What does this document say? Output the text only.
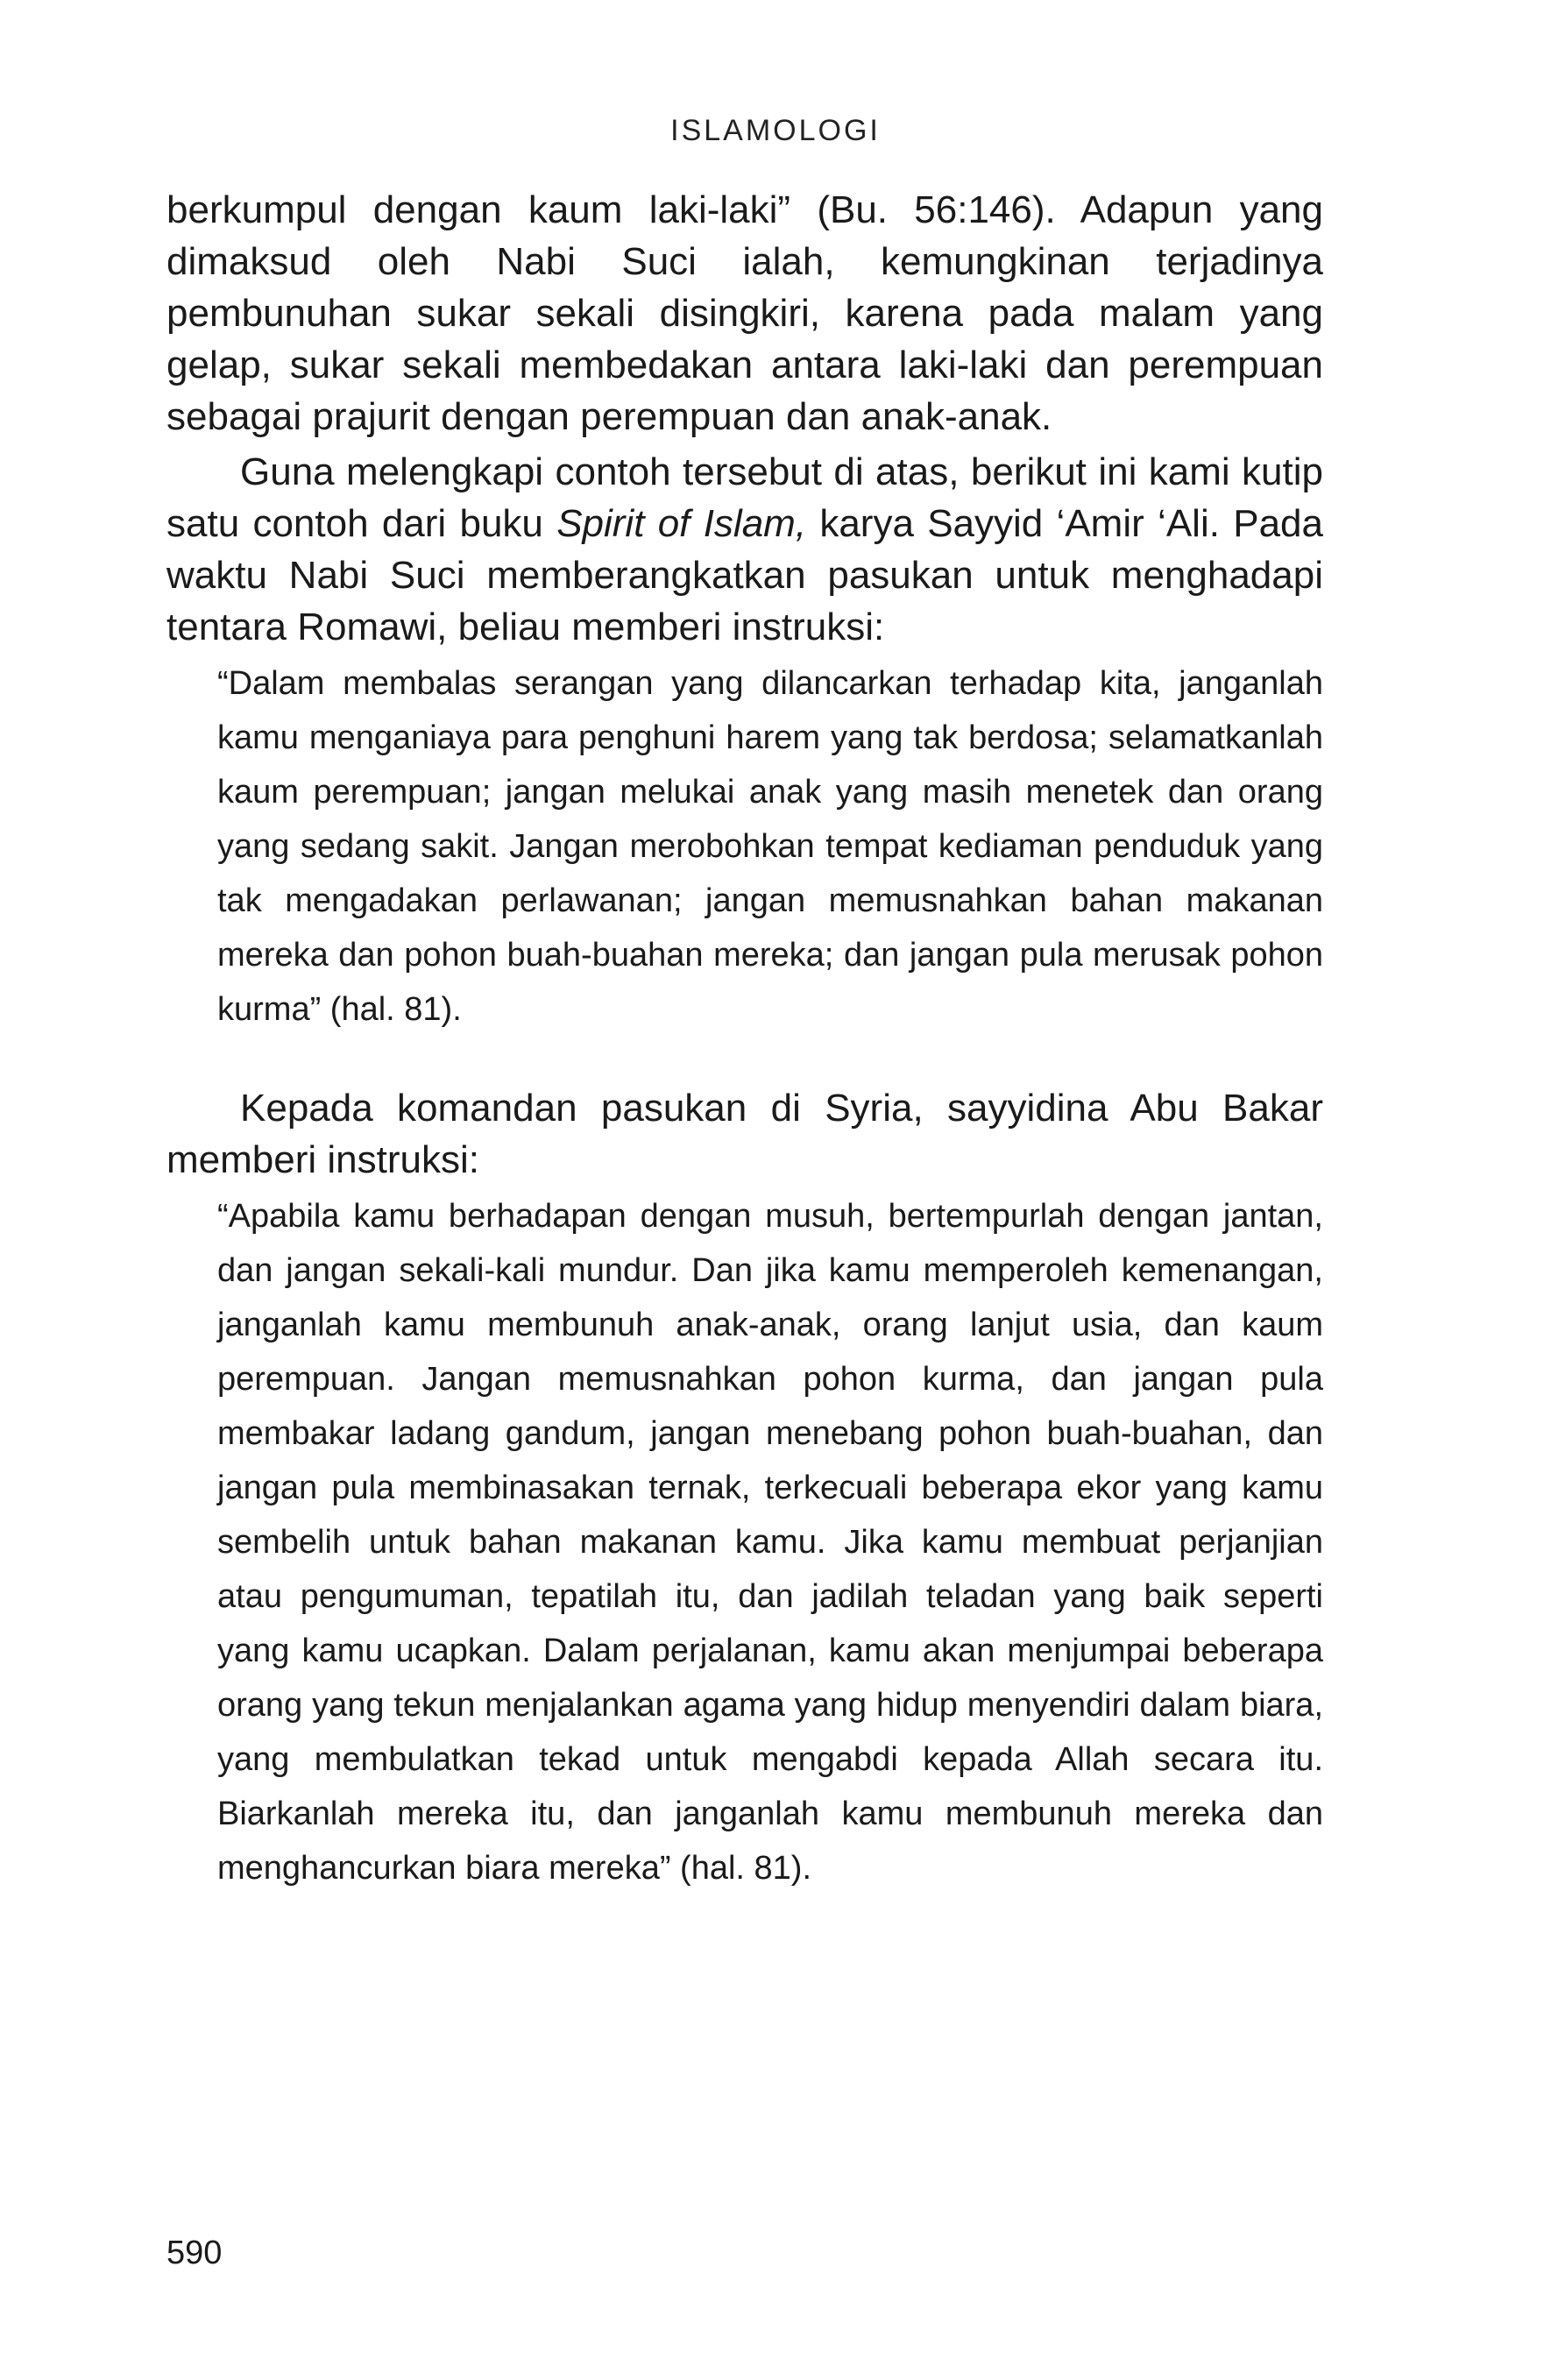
ISLAMOLOGI

berkumpul dengan kaum laki-laki” (Bu. 56:146). Adapun yang dimaksud oleh Nabi Suci ialah, kemungkinan terjadinya pembunuhan sukar sekali disingkiri, karena pada malam yang gelap, sukar sekali membedakan antara laki-laki dan perempuan sebagai prajurit dengan perempuan dan anak-anak.

Guna melengkapi contoh tersebut di atas, berikut ini kami kutip satu contoh dari buku Spirit of Islam, karya Sayyid ‘Amir ‘Ali. Pada waktu Nabi Suci memberangkatkan pasukan untuk menghadapi tentara Romawi, beliau memberi instruksi:

“Dalam membalas serangan yang dilancarkan terhadap kita, janganlah kamu menganiaya para penghuni harem yang tak berdosa; selamatkanlah kaum perempuan; jangan melukai anak yang masih menetek dan orang yang sedang sakit. Jangan merobohkan tempat kediaman penduduk yang tak mengadakan perlawanan; jangan memusnahkan bahan makanan mereka dan pohon buah-buahan mereka; dan jangan pula merusak pohon kurma” (hal. 81).

Kepada komandan pasukan di Syria, sayyidina Abu Bakar memberi instruksi:

“Apabila kamu berhadapan dengan musuh, bertempurlah dengan jantan, dan jangan sekali-kali mundur. Dan jika kamu memperoleh kemenangan, janganlah kamu membunuh anak-anak, orang lanjut usia, dan kaum perempuan. Jangan memusnahkan pohon kurma, dan jangan pula membakar ladang gandum, jangan menebang pohon buah-buahan, dan jangan pula membinasakan ternak, terkecuali beberapa ekor yang kamu sembelih untuk bahan makanan kamu. Jika kamu membuat perjanjian atau pengumuman, tepatilah itu, dan jadilah teladan yang baik seperti yang kamu ucapkan. Dalam perjalanan, kamu akan menjumpai beberapa orang yang tekun menjalankan agama yang hidup menyendiri dalam biara, yang membulatkan tekad untuk mengabdi kepada Allah secara itu. Biarkanlah mereka itu, dan janganlah kamu membunuh mereka dan menghancurkan biara mereka” (hal. 81).

590
